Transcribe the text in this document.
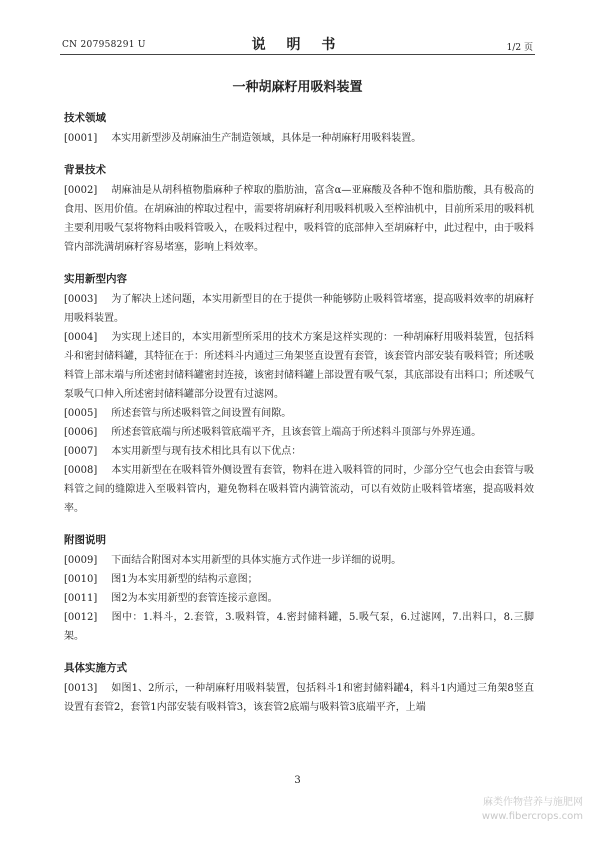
CN 207958291 U	说 明 书	1/2 页
一种胡麻籽用吸料装置
技术领域

[0001] 本实用新型涉及胡麻油生产制造领域，具体是一种胡麻籽用吸料装置。

背景技术

[0002] 胡麻油是从胡科植物脂麻种子榨取的脂肪油，富含α—亚麻酸及各种不饱和脂肪酸，具有极高的食用、医用价值。在胡麻油的榨取过程中，需要将胡麻籽利用吸料机吸入至榨油机中，目前所采用的吸料机主要利用吸气泵将物料由吸料管吸入，在吸料过程中，吸料管的底部伸入至胡麻籽中，此过程中，由于吸料管内部洗满胡麻籽容易堵塞，影响上料效率。

实用新型内容

[0003] 为了解决上述问题，本实用新型目的在于提供一种能够防止吸料管堵塞，提高吸料效率的胡麻籽用吸料装置。

[0004] 为实现上述目的，本实用新型所采用的技术方案是这样实现的：一种胡麻籽用吸料装置，包括料斗和密封储料罐，其特征在于：所述料斗内通过三角架竖直设置有套管，该套管内部安装有吸料管；所述吸料管上部末端与所述密封储料罐密封连接，该密封储料罐上部设置有吸气泵，其底部设有出料口；所述吸气泵吸气口伸入所述密封储料罐部分设置有过滤网。

[0005] 所述套管与所述吸料管之间设置有间隙。

[0006] 所述套管底端与所述吸料管底端平齐，且该套管上端高于所述料斗顶部与外界连通。

[0007] 本实用新型与现有技术相比具有以下优点：

[0008] 本实用新型在在吸料管外侧设置有套管，物料在进入吸料管的同时，少部分空气也会由套管与吸料管之间的缝隙进入至吸料管内，避免物料在吸料管内满管流动，可以有效防止吸料管堵塞，提高吸料效率。

附图说明

[0009] 下面结合附图对本实用新型的具体实施方式作进一步详细的说明。

[0010] 图1为本实用新型的结构示意图；

[0011] 图2为本实用新型的套管连接示意图。

[0012] 图中：1.料斗，2.套管，3.吸料管，4.密封储料罐，5.吸气泵，6.过滤网，7.出料口，8.三脚架。

具体实施方式

[0013] 如图1、2所示，一种胡麻籽用吸料装置，包括料斗1和密封储料罐4，料斗1内通过三角架8竖直设置有套管2，套管1内部安装有吸料管3，该套管2底端与吸料管3底端平齐，上端

3
麻类作物营养与施肥网
www.fibercrops.com
